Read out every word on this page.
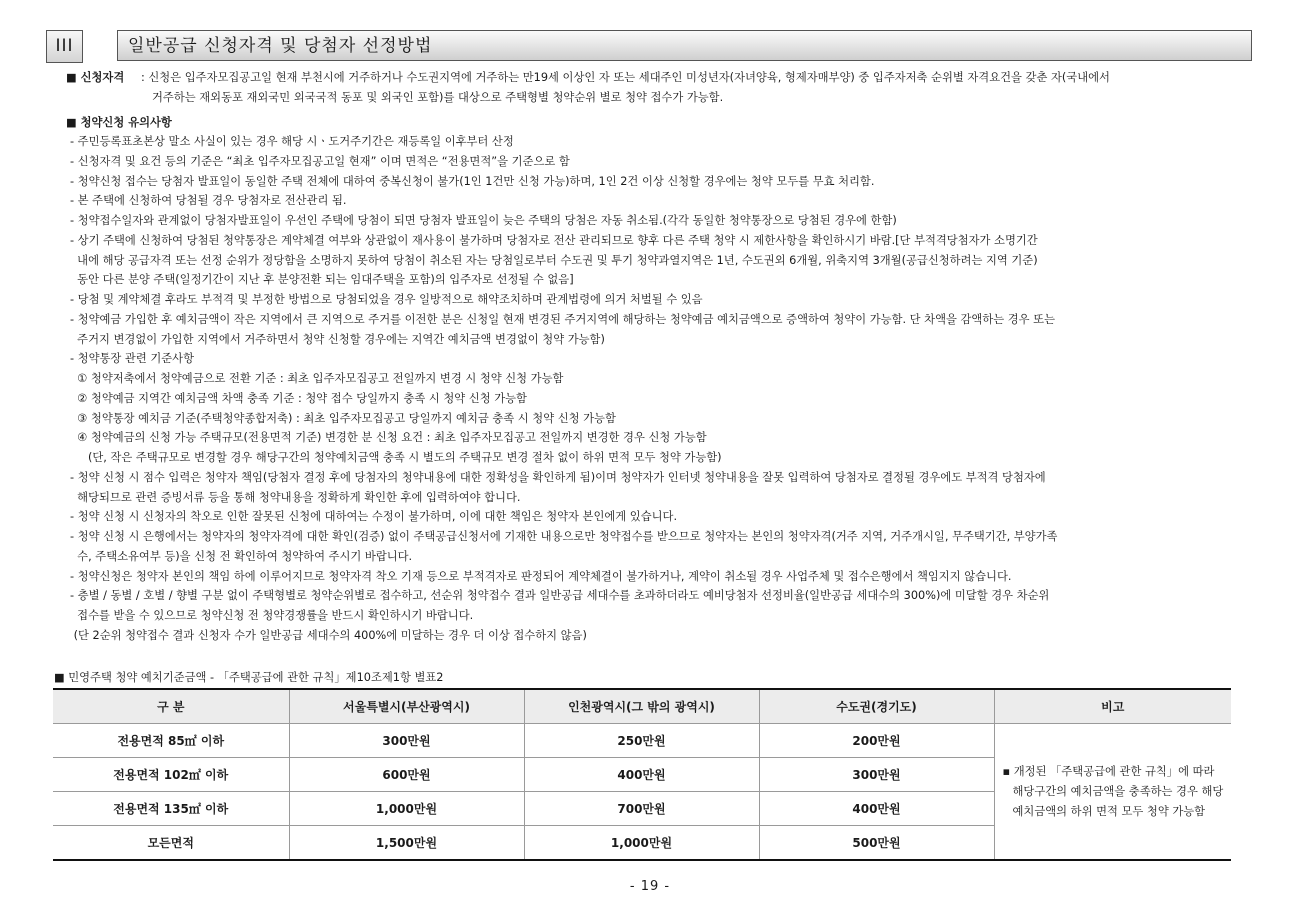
III	일반공급 신청자격 및 당첨자 선정방법
■ 신청자격 : 신청은 입주자모집공고일 현재 부천시에 거주하거나 수도권지역에 거주하는 만19세 이상인 자 또는 세대주인 미성년자(자녀양육, 형제자매부양) 중 입주자저축 순위별 자격요건을 갖춘 자(국내에서
거주하는 재외동포 재외국민 외국국적 동포 및 외국인 포함)를 대상으로 주택형별 청약순위 별로 청약 접수가 가능함.
■ 청약신청 유의사항
- 주민등록표초본상 말소 사실이 있는 경우 해당 시ㆍ도거주기간은 재등록일 이후부터 산정
- 신청자격 및 요건 등의 기준은 “최초 입주자모집공고일 현재” 이며 면적은 “전용면적”을 기준으로 함
- 청약신청 접수는 당첨자 발표일이 동일한 주택 전체에 대하여 중복신청이 불가(1인 1건만 신청 가능)하며, 1인 2건 이상 신청할 경우에는 청약 모두를 무효 처리함.
- 본 주택에 신청하여 당첨될 경우 당첨자로 전산관리 됨.
- 청약접수일자와 관계없이 당첨자발표일이 우선인 주택에 당첨이 되면 당첨자 발표일이 늦은 주택의 당첨은 자동 취소됨.(각각 동일한 청약통장으로 당첨된 경우에 한함)
- 상기 주택에 신청하여 당첨된 청약통장은 계약체결 여부와 상관없이 재사용이 불가하며 당첨자로 전산 관리되므로 향후 다른 주택 청약 시 제한사항을 확인하시기 바람.[단 부적격당첨자가 소명기간
내에 해당 공급자격 또는 선정 순위가 정당함을 소명하지 못하여 당첨이 취소된 자는 당첨일로부터 수도권 및 투기 청약과열지역은 1년, 수도권외 6개월, 위축지역 3개월(공급신청하려는 지역 기준)
동안 다른 분양 주택(일정기간이 지난 후 분양전환 되는 임대주택을 포함)의 입주자로 선정될 수 없음]
- 당첨 및 계약체결 후라도 부적격 및 부정한 방법으로 당첨되었을 경우 일방적으로 해약조치하며 관계법령에 의거 처벌될 수 있음
- 청약예금 가입한 후 예치금액이 작은 지역에서 큰 지역으로 주거를 이전한 분은 신청일 현재 변경된 주거지역에 해당하는 청약예금 예치금액으로 증액하여 청약이 가능함. 단 차액을 감액하는 경우 또는
주거지 변경없이 가입한 지역에서 거주하면서 청약 신청할 경우에는 지역간 예치금액 변경없이 청약 가능함)
- 청약통장 관련 기준사항
① 청약저축에서 청약예금으로 전환 기준 : 최초 입주자모집공고 전일까지 변경 시 청약 신청 가능함
② 청약예금 지역간 예치금액 차액 충족 기준 : 청약 접수 당일까지 충족 시 청약 신청 가능함
③ 청약통장 예치금 기준(주택청약종합저축) : 최초 입주자모집공고 당일까지 예치금 충족 시 청약 신청 가능함
④ 청약예금의 신청 가능 주택규모(전용면적 기준) 변경한 분 신청 요건 : 최초 입주자모집공고 전일까지 변경한 경우 신청 가능함
(단, 작은 주택규모로 변경할 경우 해당구간의 청약예치금액 충족 시 별도의 주택규모 변경 절차 없이 하위 면적 모두 청약 가능함)
- 청약 신청 시 점수 입력은 청약자 책임(당첨자 결정 후에 당첨자의 청약내용에 대한 정확성을 확인하게 됨)이며 청약자가 인터넷 청약내용을 잘못 입력하여 당첨자로 결정될 경우에도 부적격 당첨자에
해당되므로 관련 증빙서류 등을 통해 청약내용을 정확하게 확인한 후에 입력하여야 합니다.
- 청약 신청 시 신청자의 착오로 인한 잘못된 신청에 대하여는 수정이 불가하며, 이에 대한 책임은 청약자 본인에게 있습니다.
- 청약 신청 시 은행에서는 청약자의 청약자격에 대한 확인(검증) 없이 주택공급신청서에 기재한 내용으로만 청약접수를 받으므로 청약자는 본인의 청약자격(거주 지역, 거주개시일, 무주택기간, 부양가족
수, 주택소유여부 등)을 신청 전 확인하여 청약하여 주시기 바랍니다.
- 청약신청은 청약자 본인의 책임 하에 이루어지므로 청약자격 착오 기재 등으로 부적격자로 판정되어 계약체결이 불가하거나, 계약이 취소될 경우 사업주체 및 접수은행에서 책임지지 않습니다.
- 층별 / 동별 / 호별 / 향별 구분 없이 주택형별로 청약순위별로 접수하고, 선순위 청약접수 결과 일반공급 세대수를 초과하더라도 예비당첨자 선정비율(일반공급 세대수의 300%)에 미달할 경우 차순위
접수를 받을 수 있으므로 청약신청 전 청약경쟁률을 반드시 확인하시기 바랍니다.
(단 2순위 청약접수 결과 신청자 수가 일반공급 세대수의 400%에 미달하는 경우 더 이상 접수하지 않음)
■ 민영주택 청약 예치기준금액 - 「주택공급에 관한 규칙」제10조제1항 별표2
구 분	서울특별시(부산광역시)	인천광역시(그 밖의 광역시)	수도권(경기도)	비고
전용면적 85㎡ 이하	300만원	250만원	200만원	▪ 개정된 「주택공급에 관한 규칙」에 따라 해당구간의 예치금액을 충족하는 경우 해당 예치금액의 하위 면적 모두 청약 가능함

전용면적 102㎡ 이하	600만원	400만원	300만원	
전용면적 135㎡ 이하	1,000만원	700만원	400만원	
모든면적	1,500만원	1,000만원	500만원	
- 19 -
